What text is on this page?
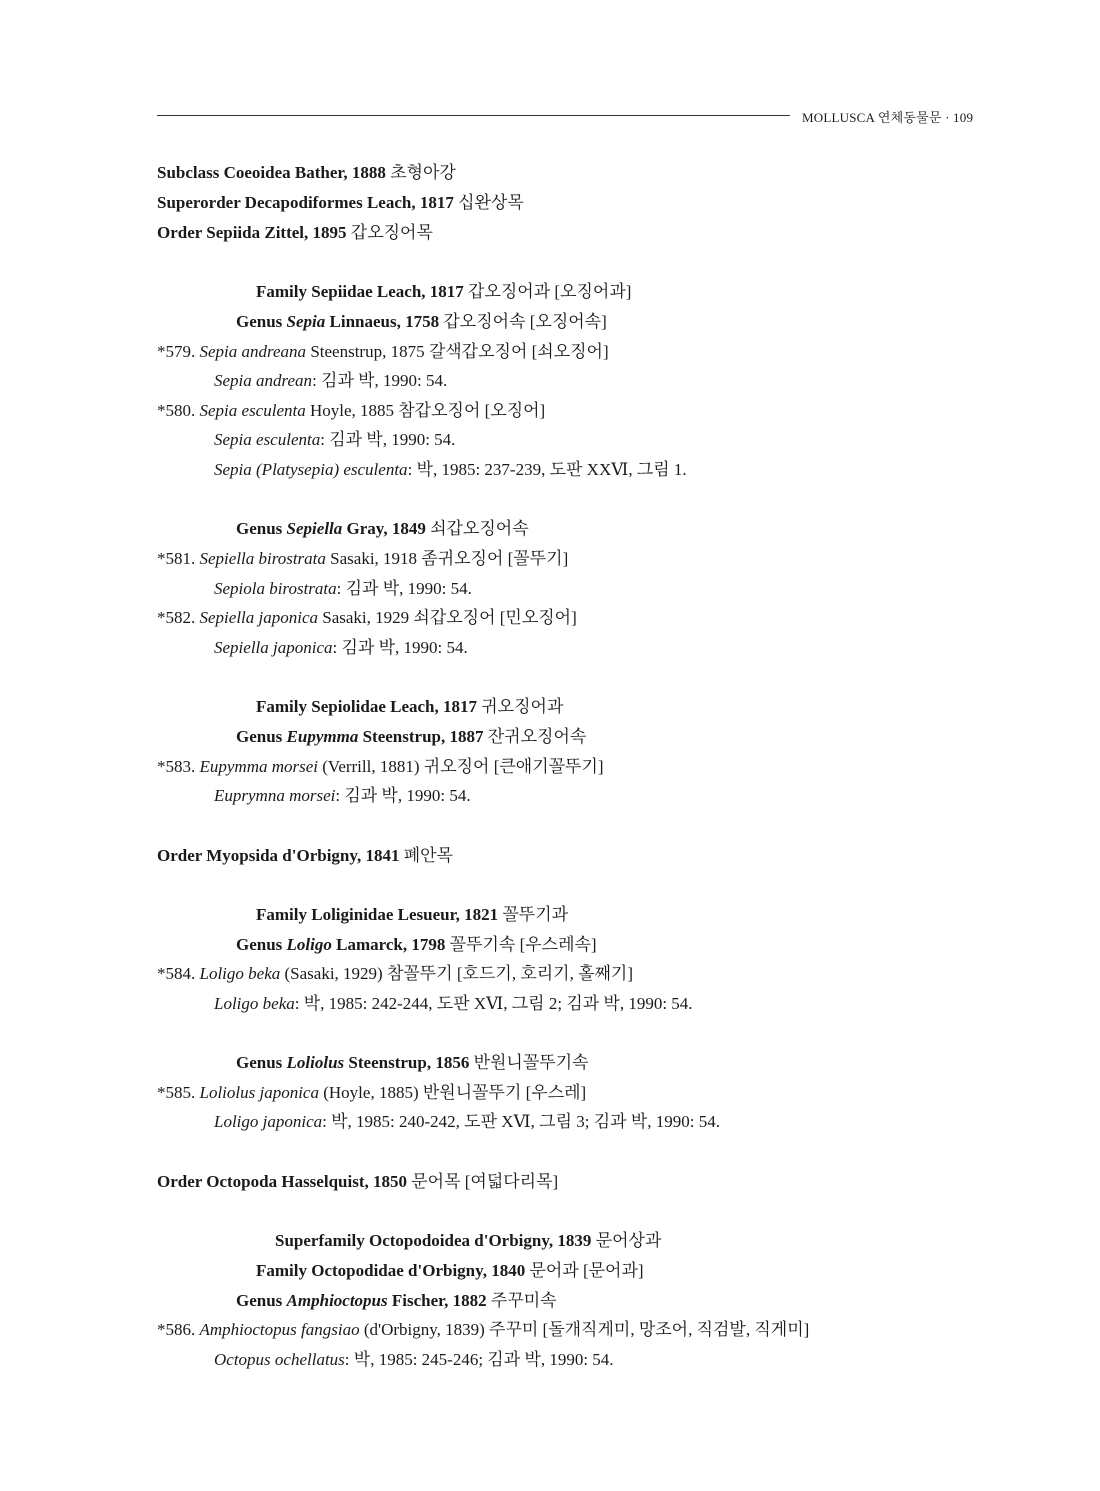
MOLLUSCA 연체동물문 · 109
Subclass Coeoidea Bather, 1888 초형아강
Superorder Decapodiformes Leach, 1817 십완상목
Order Sepiida Zittel, 1895 갑오징어목
Family Sepiidae Leach, 1817 갑오징어과 [오징어과]
Genus Sepia Linnaeus, 1758 갑오징어속 [오징어속]
*579. Sepia andreana Steenstrup, 1875 갈색갑오징어 [쇠오징어]
Sepia andrean: 김과 박, 1990: 54.
*580. Sepia esculenta Hoyle, 1885 참갑오징어 [오징어]
Sepia esculenta: 김과 박, 1990: 54.
Sepia (Platysepia) esculenta: 박, 1985: 237-239, 도판 XXⅥ, 그림 1.
Genus Sepiella Gray, 1849 쇠갑오징어속
*581. Sepiella birostrata Sasaki, 1918 좀귀오징어 [꼴뚜기]
Sepiola birostrata: 김과 박, 1990: 54.
*582. Sepiella japonica Sasaki, 1929 쇠갑오징어 [민오징어]
Sepiella japonica: 김과 박, 1990: 54.
Family Sepiolidae Leach, 1817 귀오징어과
Genus Eupymma Steenstrup, 1887 잔귀오징어속
*583. Eupymma morsei (Verrill, 1881) 귀오징어 [큰애기꼴뚜기]
Euprymna morsei: 김과 박, 1990: 54.
Order Myopsida d'Orbigny, 1841 폐안목
Family Loliginidae Lesueur, 1821 꼴뚜기과
Genus Loligo Lamarck, 1798 꼴뚜기속 [우스레속]
*584. Loligo beka (Sasaki, 1929) 참꼴뚜기 [호드기, 호리기, 홀째기]
Loligo beka: 박, 1985: 242-244, 도판 XⅥ, 그림 2; 김과 박, 1990: 54.
Genus Loliolus Steenstrup, 1856 반원니꼴뚜기속
*585. Loliolus japonica (Hoyle, 1885) 반원니꼴뚜기 [우스레]
Loligo japonica: 박, 1985: 240-242, 도판 XⅥ, 그림 3; 김과 박, 1990: 54.
Order Octopoda Hasselquist, 1850 문어목 [여덟다리목]
Superfamily Octopodoidea d'Orbigny, 1839 문어상과
Family Octopodidae d'Orbigny, 1840 문어과 [문어과]
Genus Amphioctopus Fischer, 1882 주꾸미속
*586. Amphioctopus fangsiao (d'Orbigny, 1839) 주꾸미 [돌개직게미, 망조어, 직검발, 직게미]
Octopus ochellatus: 박, 1985: 245-246; 김과 박, 1990: 54.
